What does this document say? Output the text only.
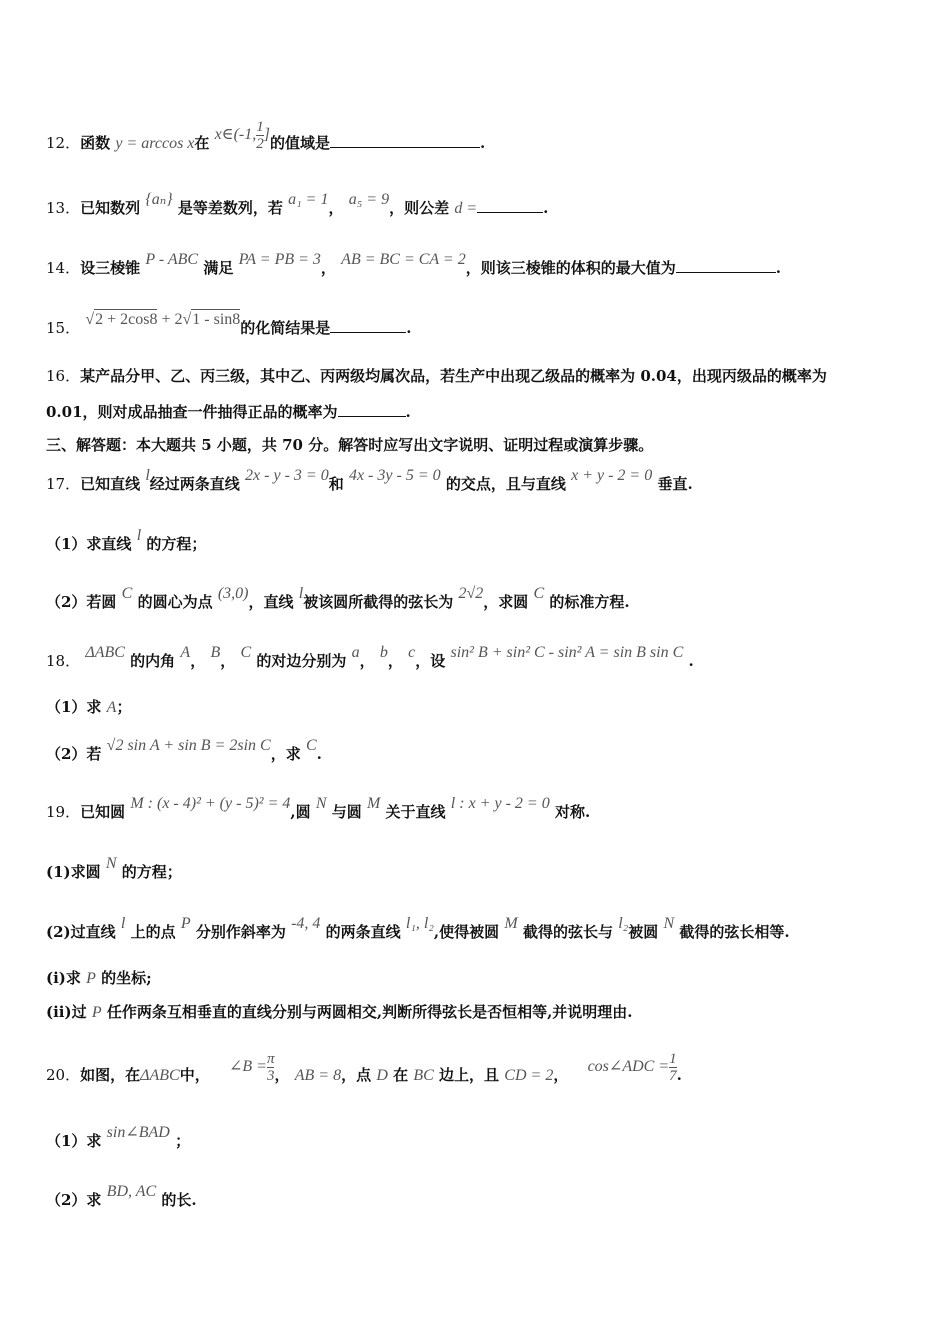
12．函数 y = arccos x在 x∈(-1, $\frac{1}{2}$ ]的值域是	.
13．已知数列 {aₙ} 是等差数列，若 a₁ = 1， a₅ = 9，则公差 d =	.
14．设三棱锥 P - ABC 满足 PA = PB = 3， AB = BC = CA = 2，则该三棱锥的体积的最大值为	.
15． √2 + 2cos8 + 2√1 - sin8的化简结果是	.
16．某产品分甲、乙、丙三级，其中乙、丙两级均属次品，若生产中出现乙级品的概率为 0.04，出现丙级品的概率为
0.01，则对成品抽查一件抽得正品的概率为	.
三、解答题：本大题共 5 小题，共 70 分。解答时应写出文字说明、证明过程或演算步骤。
17．已知直线 l经过两条直线 2x - y - 3 = 0和 4x - 3y - 5 = 0 的交点，且与直线 x + y - 2 = 0 垂直.
（1）求直线 l 的方程；
（2）若圆 C 的圆心为点 (3,0)，直线 l被该圆所截得的弦长为 2√2，求圆 C 的标准方程.
18． ΔABC 的内角 A， B， C 的对边分别为 a， b， c，设 sin² B + sin² C - sin² A = sin B sin C .
（1）求 A；
（2）若 √2 sin A + sin B = 2sin C，求 C.
19．已知圆 M : (x - 4)² + (y - 5)² = 4,圆 N 与圆 M 关于直线 l : x + y - 2 = 0 对称.
(1)求圆 N 的方程；
(2)过直线 l 上的点 P 分别作斜率为 -4, 4 的两条直线 l₁, l₂,使得被圆 M 截得的弦长与 l₂被圆 N 截得的弦长相等.
(i)求 P 的坐标;
(ii)过 P 任作两条互相垂直的直线分别与两圆相交,判断所得弦长是否恒相等,并说明理由.
20．如图，在ΔABC中， ∠B = $\frac{\pi}{3}$ ， AB = 8，点 D 在 BC 边上，且 CD = 2， cos∠ADC = $\frac{1}{7}$ .
（1）求 sin∠BAD ；
（2）求 BD, AC 的长.
